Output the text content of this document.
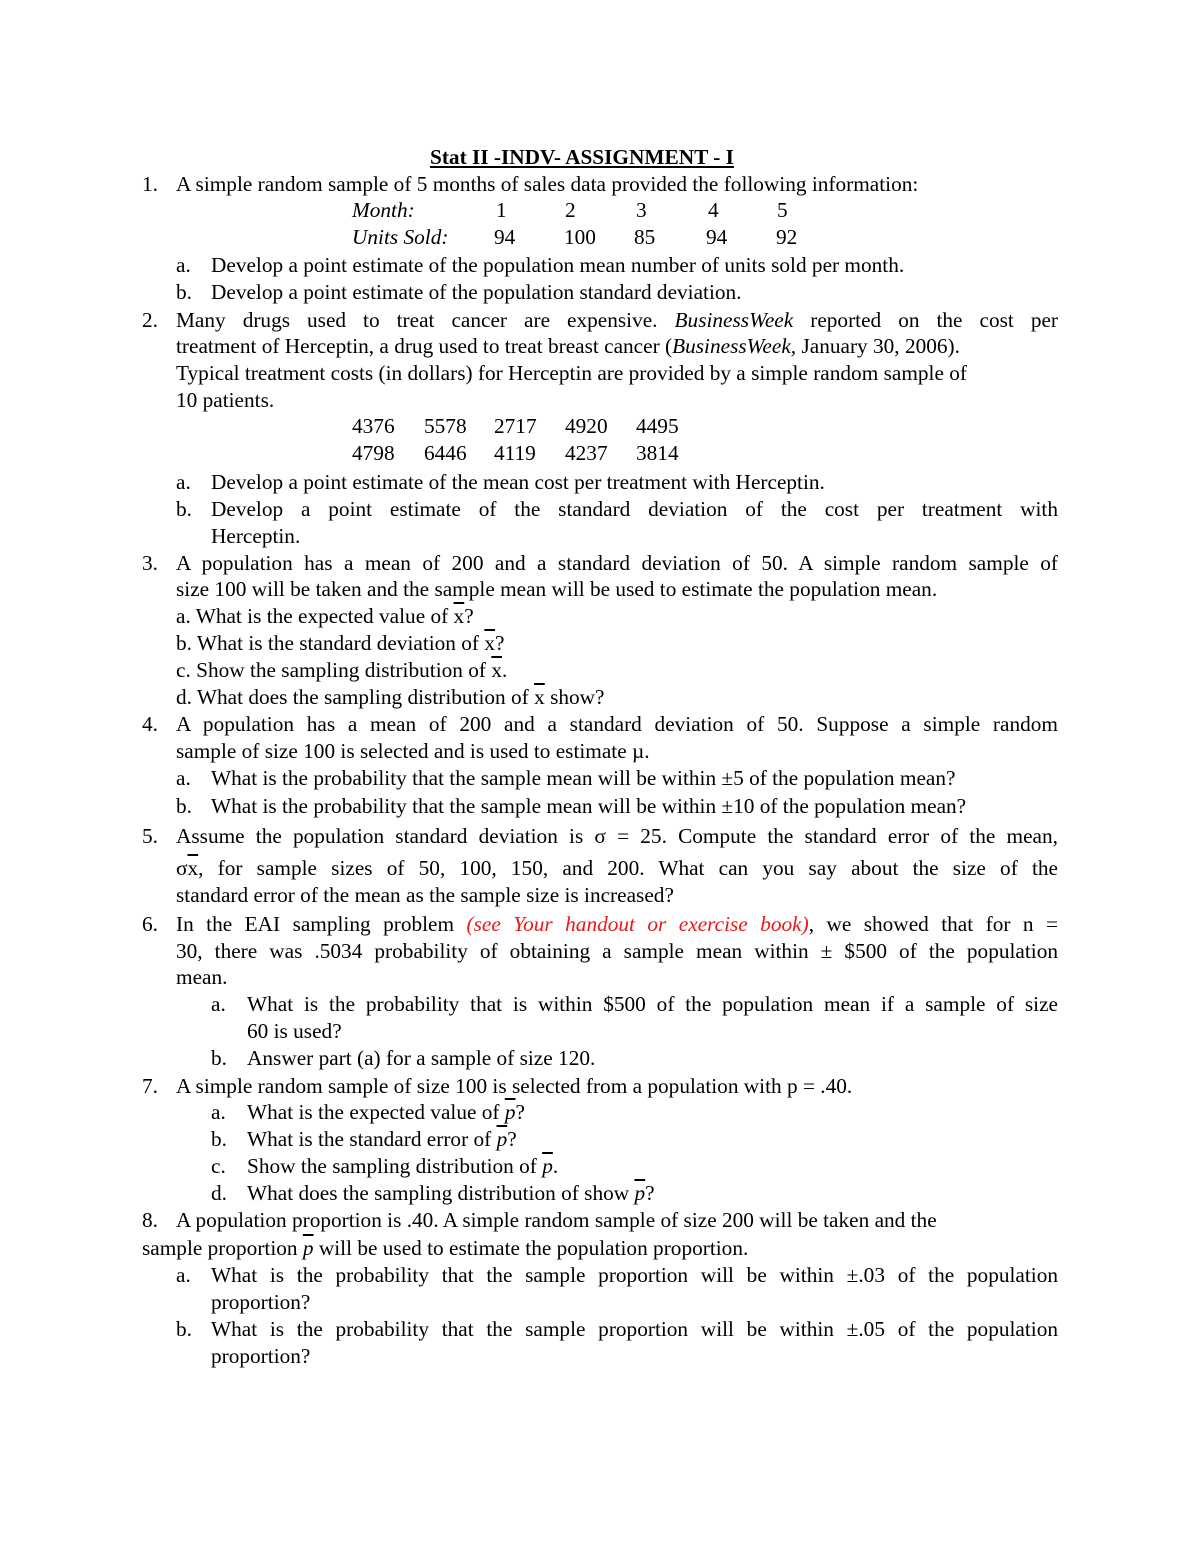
Stat II -INDV- ASSIGNMENT - I
1. A simple random sample of 5 months of sales data provided the following information:
Month:	1	2	3	4	5
Units Sold: 94 100 85 94 92
a. Develop a point estimate of the population mean number of units sold per month.
b. Develop a point estimate of the population standard deviation.
2. Many drugs used to treat cancer are expensive. BusinessWeek reported on the cost per
treatment of Herceptin, a drug used to treat breast cancer (BusinessWeek, January 30, 2006).
Typical treatment costs (in dollars) for Herceptin are provided by a simple random sample of
10 patients.
4376 5578 2717 4920 4495
4798 6446 4119 4237 3814
a. Develop a point estimate of the mean cost per treatment with Herceptin.
b. Develop a point estimate of the standard deviation of the cost per treatment with
Herceptin.
3. A population has a mean of 200 and a standard deviation of 50. A simple random sample of
size 100 will be taken and the sample mean will be used to estimate the population mean.
a. What is the expected value of $\overline{x}$?
b. What is the standard deviation of $\overline{x}$?
c. Show the sampling distribution of $\overline{x}$.
d. What does the sampling distribution of $\overline{x}$ show?
4. A population has a mean of 200 and a standard deviation of 50. Suppose a simple random
sample of size 100 is selected and is used to estimate µ.
a. What is the probability that the sample mean will be within ±5 of the population mean?
b. What is the probability that the sample mean will be within ±10 of the population mean?
5. Assume the population standard deviation is σ = 25. Compute the standard error of the mean,
$\sigma\overline{x}$ , for sample sizes of 50, 100, 150, and 200. What can you say about the size of the
standard error of the mean as the sample size is increased?
6. In the EAI sampling problem (see Your handout or exercise book), we showed that for n =
30, there was .5034 probability of obtaining a sample mean within ± $500 of the population
mean.
a. What is the probability that is within $500 of the population mean if a sample of size
60 is used?
b. Answer part (a) for a sample of size 120.
7. A simple random sample of size 100 is selected from a population with p = .40.
a. What is the expected value of $\overline{p}$?
b. What is the standard error of $\overline{p}$?
c. Show the sampling distribution of $\overline{p}$.
d. What does the sampling distribution of show $\overline{p}$?
8. A population proportion is .40. A simple random sample of size 200 will be taken and the
sample proportion $\overline{p}$ will be used to estimate the population proportion.
a. What is the probability that the sample proportion will be within ±.03 of the population
proportion?
b. What is the probability that the sample proportion will be within ±.05 of the population
proportion?
